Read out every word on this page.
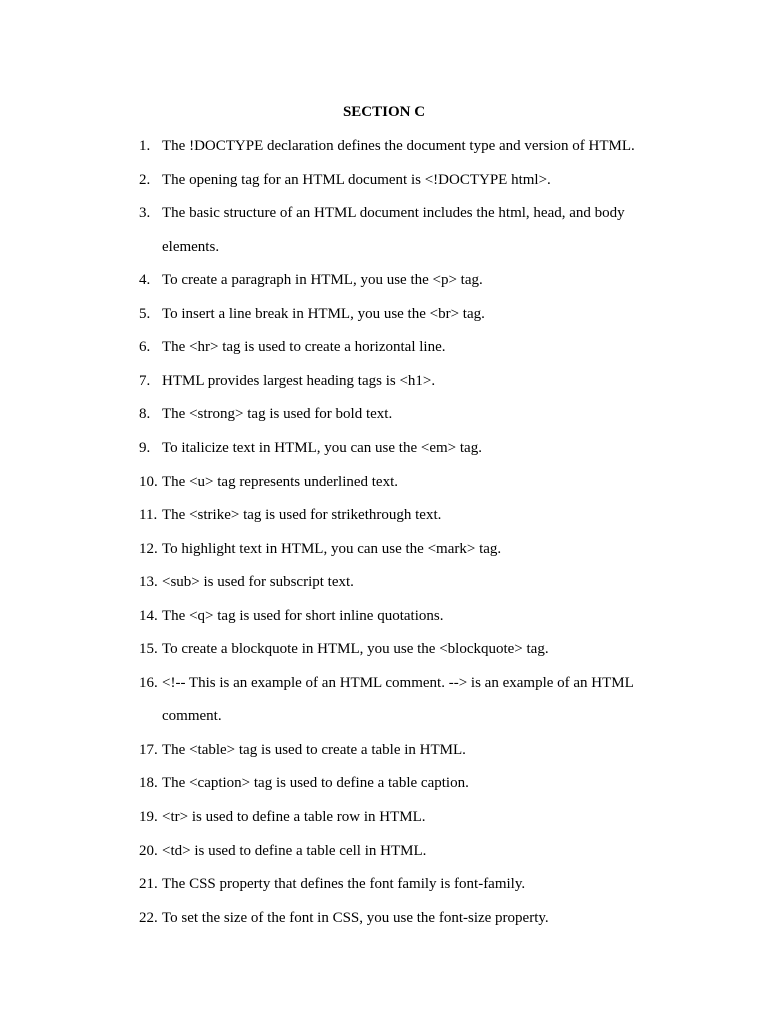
SECTION C
1. The !DOCTYPE declaration defines the document type and version of HTML.
2. The opening tag for an HTML document is <!DOCTYPE html>.
3. The basic structure of an HTML document includes the html, head, and body
elements.
4. To create a paragraph in HTML, you use the <p> tag.
5. To insert a line break in HTML, you use the <br> tag.
6. The <hr> tag is used to create a horizontal line.
7. HTML provides largest heading tags is <h1>.
8. The <strong> tag is used for bold text.
9. To italicize text in HTML, you can use the <em> tag.
10. The <u> tag represents underlined text.
11. The <strike> tag is used for strikethrough text.
12. To highlight text in HTML, you can use the <mark> tag.
13. <sub> is used for subscript text.
14. The <q> tag is used for short inline quotations.
15. To create a blockquote in HTML, you use the <blockquote> tag.
16. <!-- This is an example of an HTML comment. --> is an example of an HTML
comment.
17. The <table> tag is used to create a table in HTML.
18. The <caption> tag is used to define a table caption.
19. <tr> is used to define a table row in HTML.
20. <td> is used to define a table cell in HTML.
21. The CSS property that defines the font family is font-family.
22. To set the size of the font in CSS, you use the font-size property.
